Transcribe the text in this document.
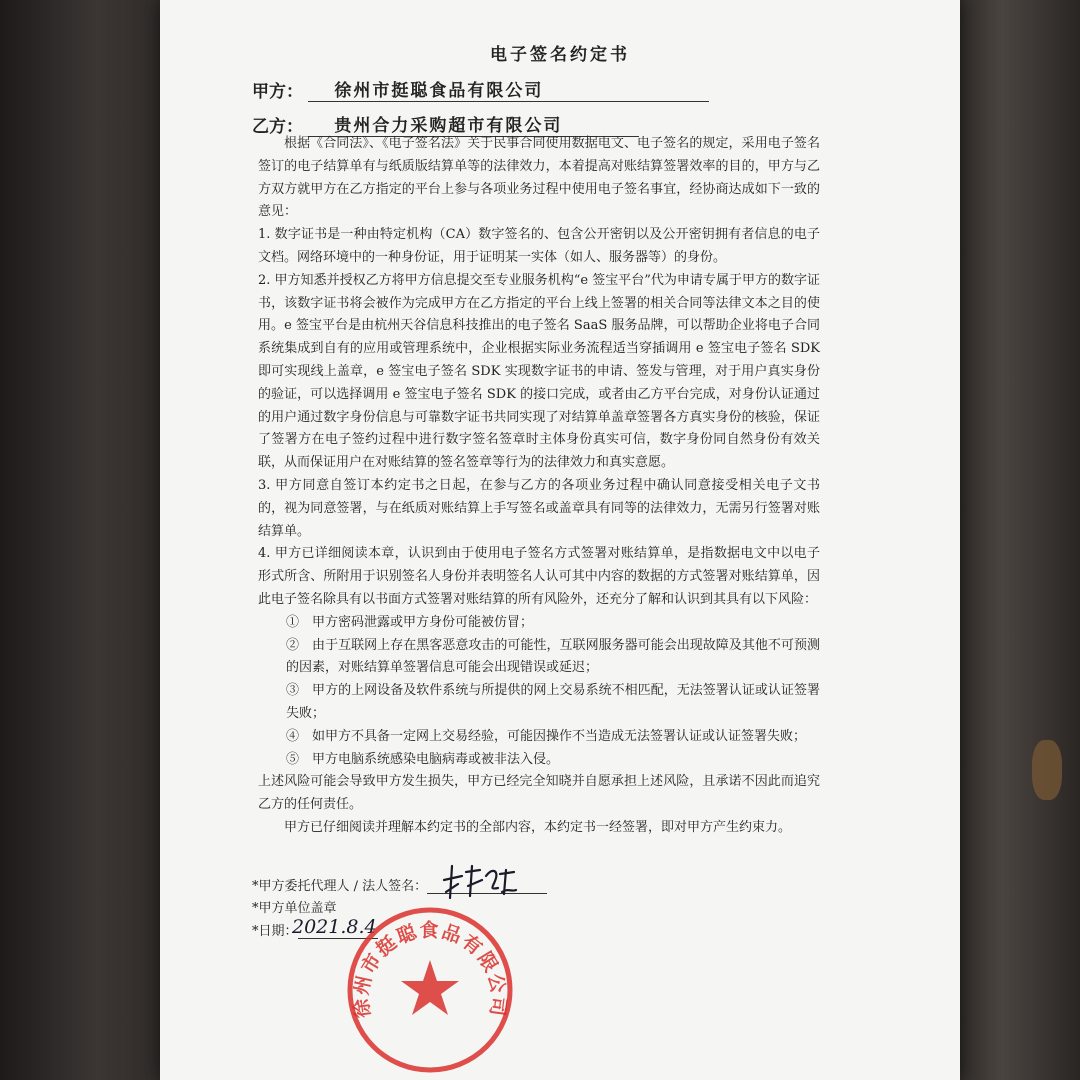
电子签名约定书
甲方： 徐州市挺聪食品有限公司
乙方： 贵州合力采购超市有限公司

根据《合同法》、《电子签名法》关于民事合同使用数据电文、电子签名的规定，采用电子签名签订的电子结算单有与纸质版结算单等的法律效力，本着提高对账结算签署效率的目的，甲方与乙方双方就甲方在乙方指定的平台上参与各项业务过程中使用电子签名事宜，经协商达成如下一致的意见：

1. 数字证书是一种由特定机构（CA）数字签名的、包含公开密钥以及公开密钥拥有者信息的电子文档。网络环境中的一种身份证，用于证明某一实体（如人、服务器等）的身份。

2. 甲方知悉并授权乙方将甲方信息提交至专业服务机构“e 签宝平台”代为申请专属于甲方的数字证书，该数字证书将会被作为完成甲方在乙方指定的平台上线上签署的相关合同等法律文本之目的使用。e 签宝平台是由杭州天谷信息科技推出的电子签名 SaaS 服务品牌，可以帮助企业将电子合同系统集成到自有的应用或管理系统中，企业根据实际业务流程适当穿插调用 e 签宝电子签名 SDK 即可实现线上盖章，e 签宝电子签名 SDK 实现数字证书的申请、签发与管理，对于用户真实身份的验证，可以选择调用 e 签宝电子签名 SDK 的接口完成，或者由乙方平台完成，对身份认证通过的用户通过数字身份信息与可靠数字证书共同实现了对结算单盖章签署各方真实身份的核验，保证了签署方在电子签约过程中进行数字签名签章时主体身份真实可信，数字身份同自然身份有效关联，从而保证用户在对账结算的签名签章等行为的法律效力和真实意愿。

3. 甲方同意自签订本约定书之日起，在参与乙方的各项业务过程中确认同意接受相关电子文书的，视为同意签署，与在纸质对账结算上手写签名或盖章具有同等的法律效力，无需另行签署对账结算单。

4. 甲方已详细阅读本章，认识到由于使用电子签名方式签署对账结算单，是指数据电文中以电子形式所含、所附用于识别签名人身份并表明签名人认可其中内容的数据的方式签署对账结算单，因此电子签名除具有以书面方式签署对账结算的所有风险外，还充分了解和认识到其具有以下风险：

①　甲方密码泄露或甲方身份可能被仿冒；

②　由于互联网上存在黑客恶意攻击的可能性，互联网服务器可能会出现故障及其他不可预测的因素，对账结算单签署信息可能会出现错误或延迟；

③　甲方的上网设备及软件系统与所提供的网上交易系统不相匹配，无法签署认证或认证签署失败；

④　如甲方不具备一定网上交易经验，可能因操作不当造成无法签署认证或认证签署失败；

⑤　甲方电脑系统感染电脑病毒或被非法入侵。

上述风险可能会导致甲方发生损失，甲方已经完全知晓并自愿承担上述风险，且承诺不因此而追究乙方的任何责任。

甲方已仔细阅读并理解本约定书的全部内容，本约定书一经签署，即对甲方产生约束力。

*甲方委托代理人 / 法人签名：
*甲方单位盖章
*日期：
2021.8.4
徐州市挺聪食品有限公司
